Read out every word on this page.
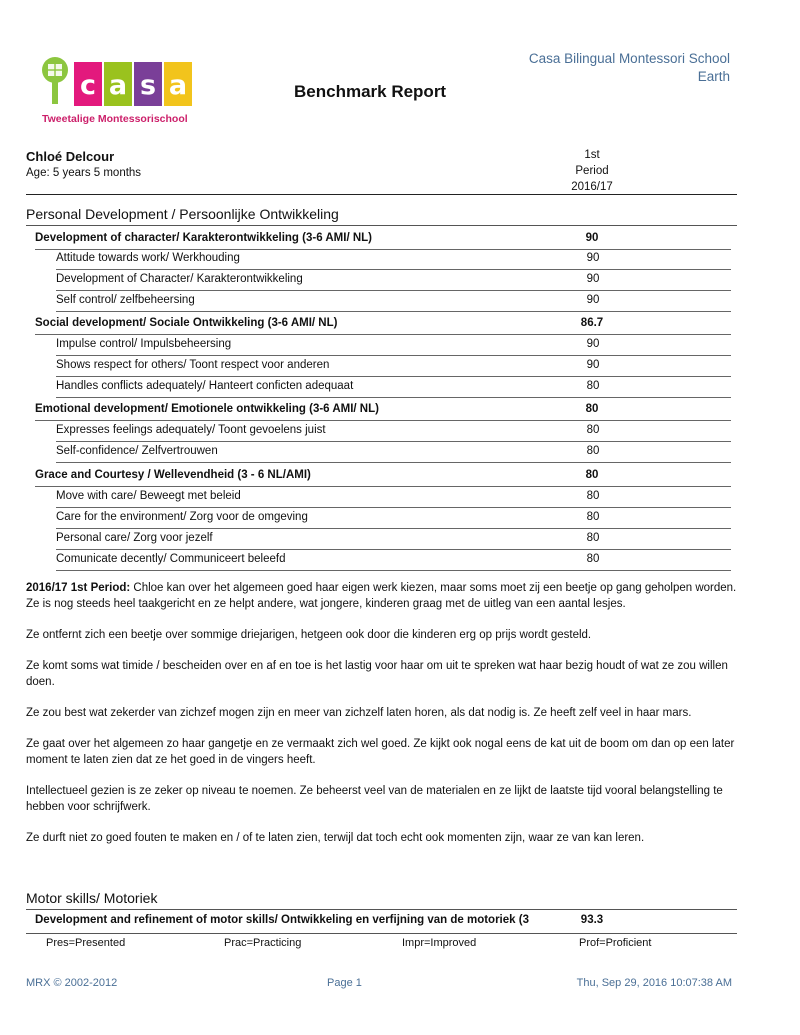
c a s a
Tweetalige Montessorischool
Casa Bilingual Montessori School
Earth
Benchmark Report
Chloé Delcour
Age: 5 years 5 months
1st
Period
2016/17
Personal Development / Persoonlijke Ontwikkeling
Development of character/ Karakterontwikkeling (3-6 AMI/ NL)	90
Attitude towards work/ Werkhouding	90
Development of Character/ Karakterontwikkeling	90
Self control/ zelfbeheersing	90
Social development/ Sociale Ontwikkeling (3-6 AMI/ NL)	86.7
Impulse control/ Impulsbeheersing	90
Shows respect for others/ Toont respect voor anderen	90
Handles conflicts adequately/ Hanteert conficten adequaat	80
Emotional development/ Emotionele ontwikkeling (3-6 AMI/ NL)	80
Expresses feelings adequately/ Toont gevoelens juist	80
Self-confidence/ Zelfvertrouwen	80
Grace and Courtesy / Wellevendheid (3 - 6 NL/AMI)	80
Move with care/ Beweegt met beleid	80
Care for the environment/ Zorg voor de omgeving	80
Personal care/ Zorg voor jezelf	80
Comunicate decently/ Communiceert beleefd	80

2016/17 1st Period: Chloe kan over het algemeen goed haar eigen werk kiezen, maar soms moet zij een beetje op gang geholpen worden. Ze is nog steeds heel taakgericht en ze helpt andere, wat jongere, kinderen graag met de uitleg van een aantal lesjes.

Ze ontfernt zich een beetje over sommige driejarigen, hetgeen ook door die kinderen erg op prijs wordt gesteld.

Ze komt soms wat timide / bescheiden over en af en toe is het lastig voor haar om uit te spreken wat haar bezig houdt of wat ze zou willen doen.

Ze zou best wat zekerder van zichzef mogen zijn en meer van zichzelf laten horen, als dat nodig is. Ze heeft zelf veel in haar mars.

Ze gaat over het algemeen zo haar gangetje en ze vermaakt zich wel goed. Ze kijkt ook nogal eens de kat uit de boom om dan op een later moment te laten zien dat ze het goed in de vingers heeft.

Intellectueel gezien is ze zeker op niveau te noemen. Ze beheerst veel van de materialen en ze lijkt de laatste tijd vooral belangstelling te hebben voor schrijfwerk.

Ze durft niet zo goed fouten te maken en / of te laten zien, terwijl dat toch echt ook momenten zijn, waar ze van kan leren.

Motor skills/ Motoriek
Development and refinement of motor skills/ Ontwikkeling en verfijning van de motoriek (3	93.3
Pres=Presented	Prac=Practicing	Impr=Improved	Prof=Proficient
MRX © 2002-2012	Page 1	Thu, Sep 29, 2016 10:07:38 AM
